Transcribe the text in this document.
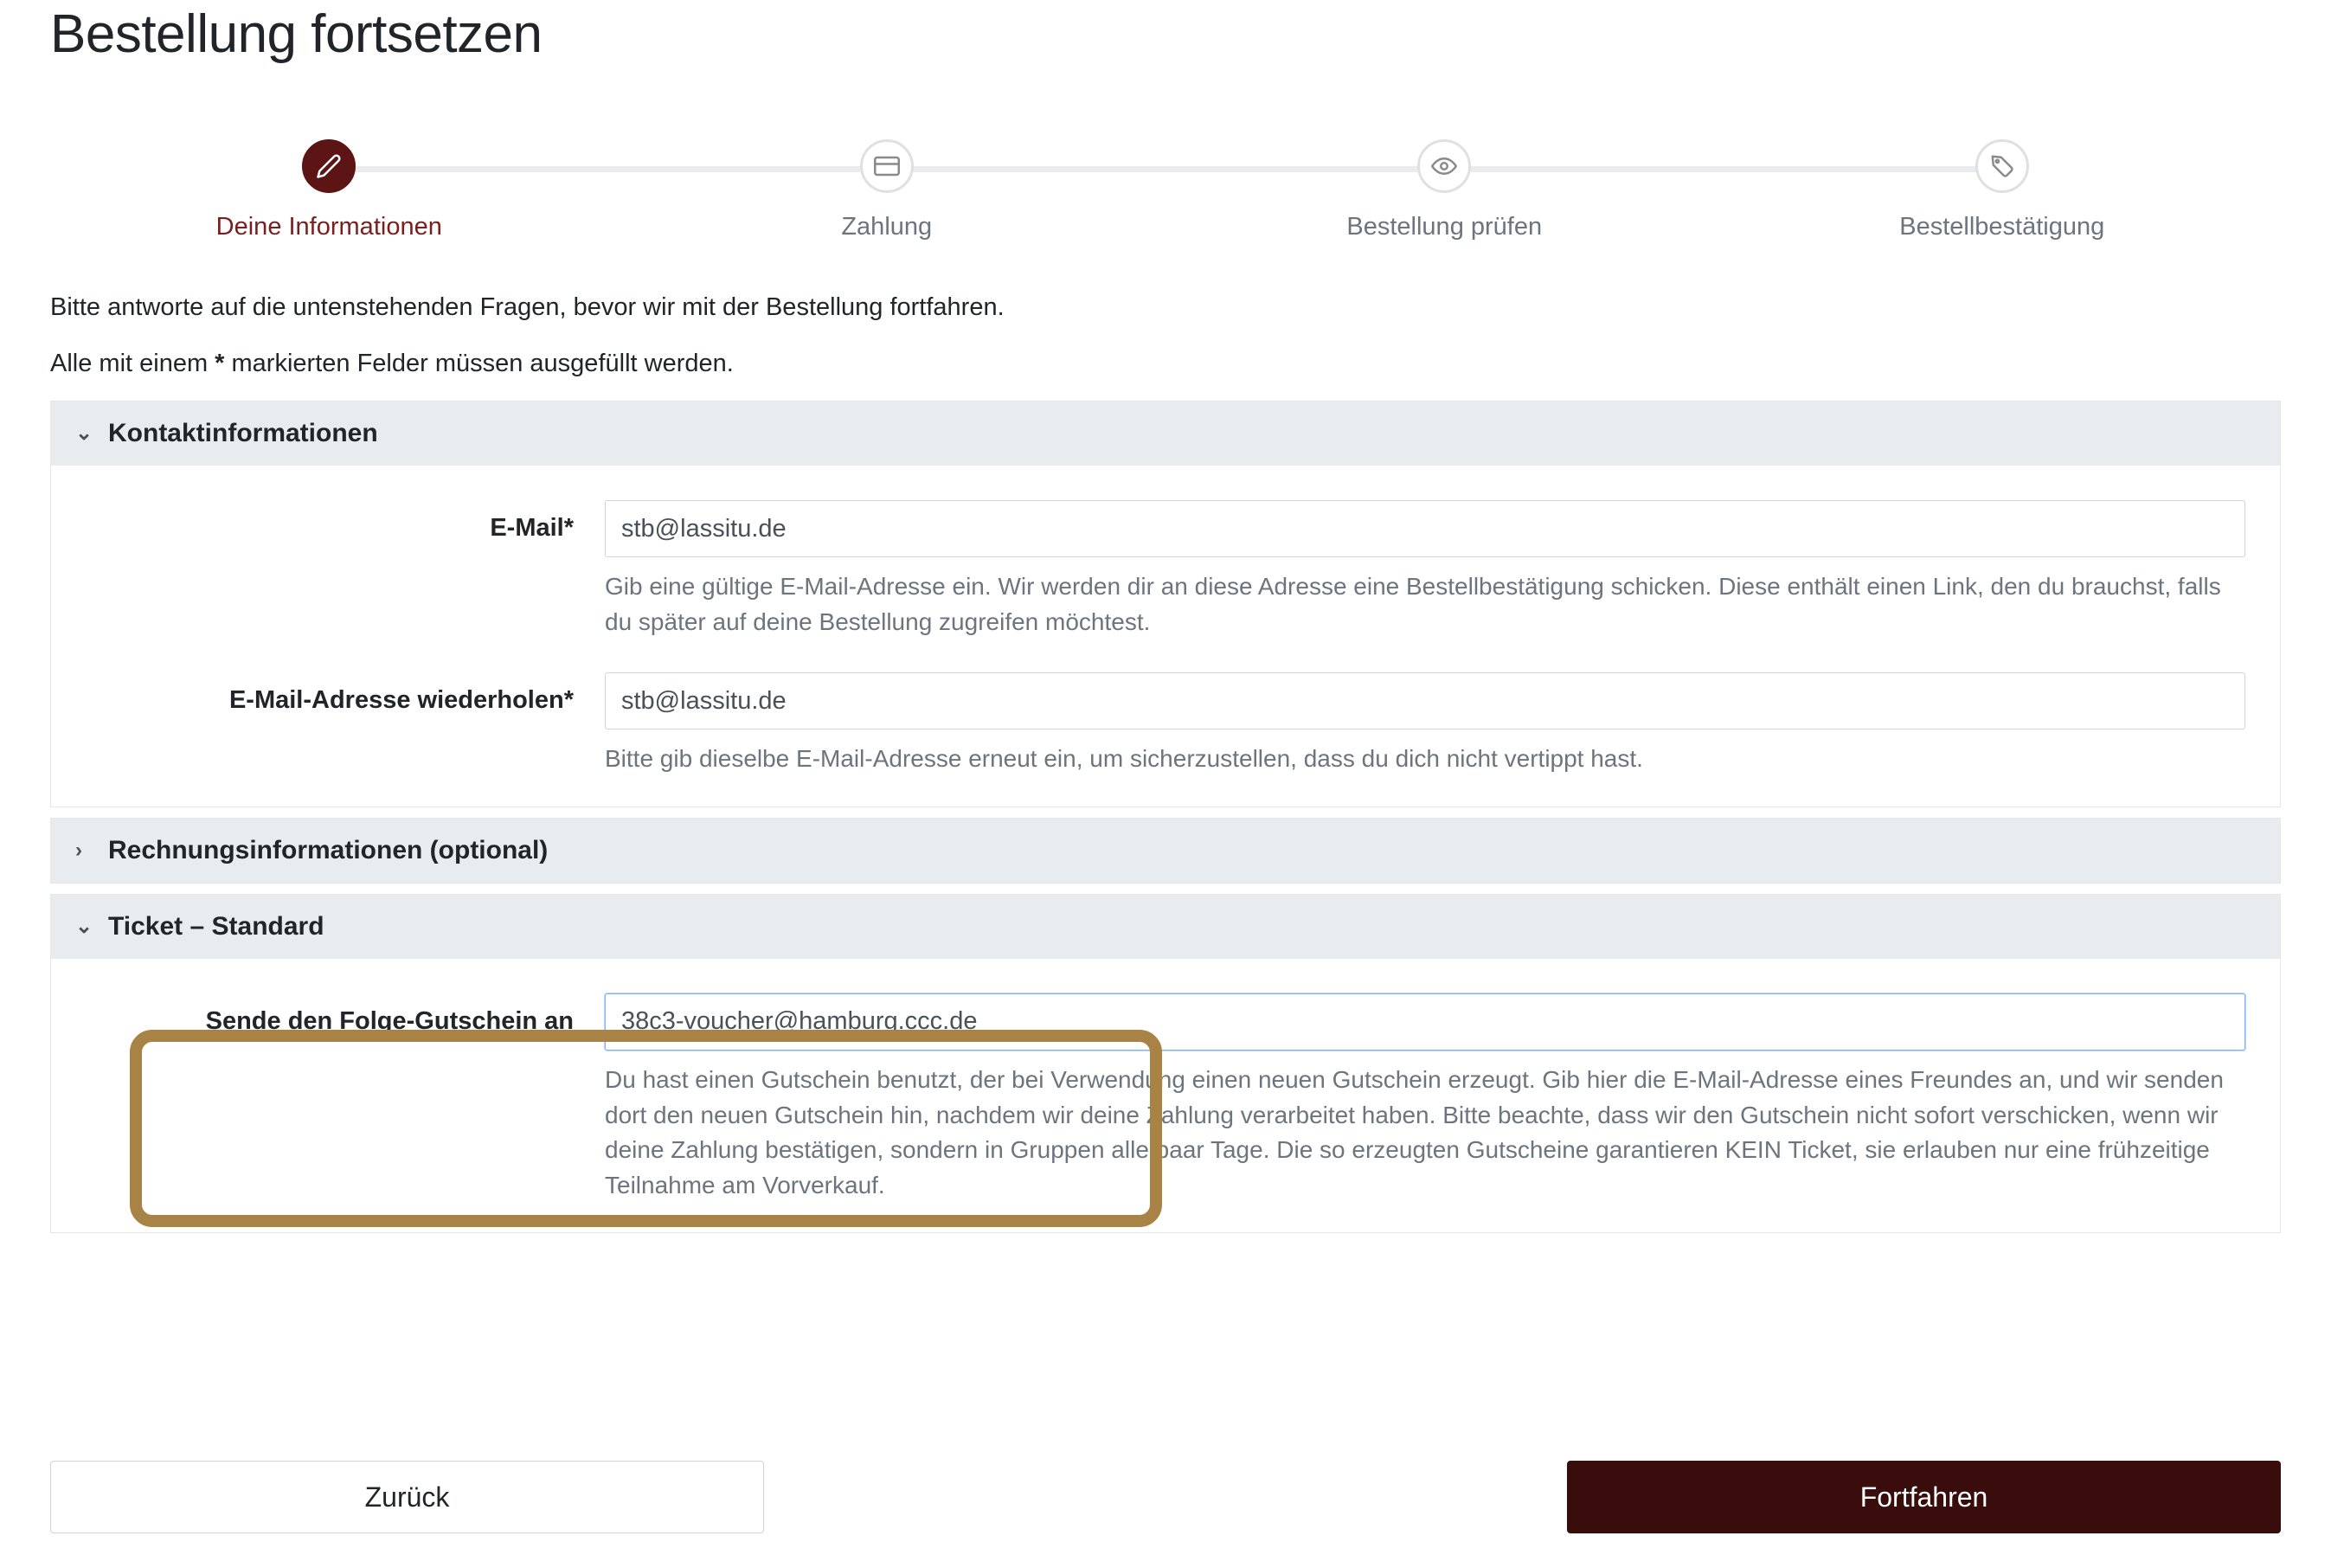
Bestellung fortsetzen
Deine Informationen	Zahlung	Bestellung prüfen	Bestellbestätigung

Bitte antworte auf die untenstehenden Fragen, bevor wir mit der Bestellung fortfahren.

Alle mit einem * markierten Felder müssen ausgefüllt werden.

⌄ Kontaktinformationen
E-Mail*
stb@lassitu.de
Gib eine gültige E-Mail-Adresse ein. Wir werden dir an diese Adresse eine Bestellbestätigung schicken. Diese enthält einen Link, den du brauchst, falls du später auf deine Bestellung zugreifen möchtest.
E-Mail-Adresse wiederholen*
stb@lassitu.de
Bitte gib dieselbe E-Mail-Adresse erneut ein, um sicherzustellen, dass du dich nicht vertippt hast.
›	Rechnungsinformationen (optional)
⌄ Ticket – Standard
Sende den Folge-Gutschein an
38c3-voucher@hamburg.ccc.de
Du hast einen Gutschein benutzt, der bei Verwendung einen neuen Gutschein erzeugt. Gib hier die E-Mail-Adresse eines Freundes an, und wir senden dort den neuen Gutschein hin, nachdem wir deine Zahlung verarbeitet haben. Bitte beachte, dass wir den Gutschein nicht sofort verschicken, wenn wir deine Zahlung bestätigen, sondern in Gruppen alle paar Tage. Die so erzeugten Gutscheine garantieren KEIN Ticket, sie erlauben nur eine frühzeitige Teilnahme am Vorverkauf.
Zurück	Fortfahren
